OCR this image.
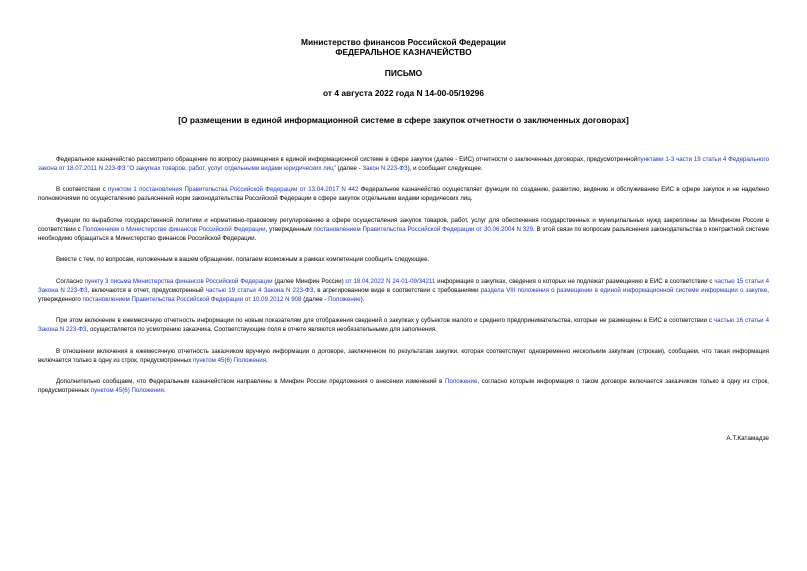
Министерство финансов Российской Федерации
ФЕДЕРАЛЬНОЕ КАЗНАЧЕЙСТВО
ПИСЬМО
от 4 августа 2022 года N 14-00-05/19296
[О размещении в единой информационной системе в сфере закупок отчетности о заключенных договорах]

Федеральное казначейство рассмотрело обращение по вопросу размещения в единой информационной системе в сфере закупок (далее - ЕИС) отчетности о заключенных договорах, предусмотреннойпунктами 1-3 части 19 статьи 4 Федерального закона от 18.07.2011 N 223-ФЗ "О закупках товаров, работ, услуг отдельными видами юридических лиц" (далее - Закон N 223-ФЗ), и сообщает следующее.

В соответствии с пунктом 1 постановления Правительства Российской Федерации от 13.04.2017 N 442 Федеральное казначейство осуществляет функции по созданию, развитию, ведению и обслуживанию ЕИС в сфере закупок и не наделено полномочиями по осуществлению разъяснений норм законодательства Российской Федерации в сфере закупок отдельными видами юридических лиц.

Функции по выработке государственной политики и нормативно-правовому регулированию в сфере осуществления закупок товаров, работ, услуг для обеспечения государственных и муниципальных нужд закреплены за Минфином России в соответствии с Положением о Министерстве финансов Российской Федерации, утвержденным постановлением Правительства Российской Федерации от 30.06.2004 N 329. В этой связи по вопросам разъяснения законодательства о контрактной системе необходимо обращаться в Министерство финансов Российской Федерации.

Вместе с тем, по вопросам, изложенным в вашем обращении, полагаем возможным в рамках компетенции сообщить следующее.

Согласно пункту 3 письма Министерства финансов Российской Федерации (далее Минфин России) от 18.04.2022 N 24-01-09/34211 информация о закупках, сведения о которых не подлежат размещению в ЕИС в соответствии с частью 15 статьи 4 Закона N 223-ФЗ, включаются в отчет, предусмотренный частью 19 статьи 4 Закона N 223-ФЗ, в агрегированном виде в соответствии с требованиями раздела VIII положения о размещении в единой информационной системе информации о закупке, утвержденного постановлением Правительства Российской Федерации от 10.09.2012 N 908 (далее - Положение).

При этом включение в ежемесячную отчетность информации по новым показателям для отображения сведений о закупках у субъектов малого и среднего предпринимательства, которые не размещены в ЕИС в соответствии с частью 16 статьи 4 Закона N 223-ФЗ, осуществляется по усмотрению заказчика. Соответствующие поля в отчете являются необязательными для заполнения.

В отношении включения в ежемесячную отчетность заказчиком вручную информации о договоре, заключенном по результатам закупки, которая соответствует одновременно нескольким закупкам (строкам), сообщаем, что такая информация включается только в одну из строк, предусмотренных пунктом 45(6) Положения.

Дополнительно сообщаем, что Федеральным казначейством направлены в Минфин России предложения о внесении изменений в Положение, согласно которым информация о таком договоре включается заказчиком только в одну из строк, предусмотренных пунктом 45(6) Положения.

А.Т.Катамадзе
